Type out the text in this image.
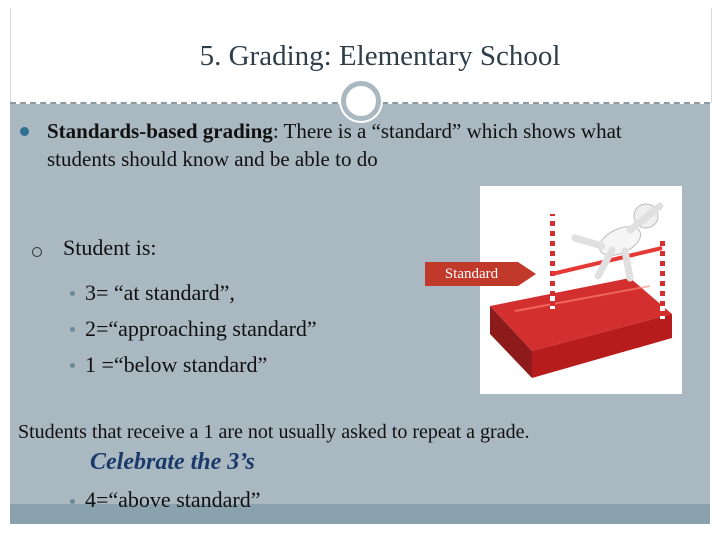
5. Grading: Elementary School
Standards-based grading: There is a “standard” which shows what students should know and be able to do
Student is:
3= “at standard”,
2=“approaching standard”
1 =“below standard”
Standard
Students that receive a 1 are not usually asked to repeat a grade.
Celebrate the 3’s
4=“above standard”
